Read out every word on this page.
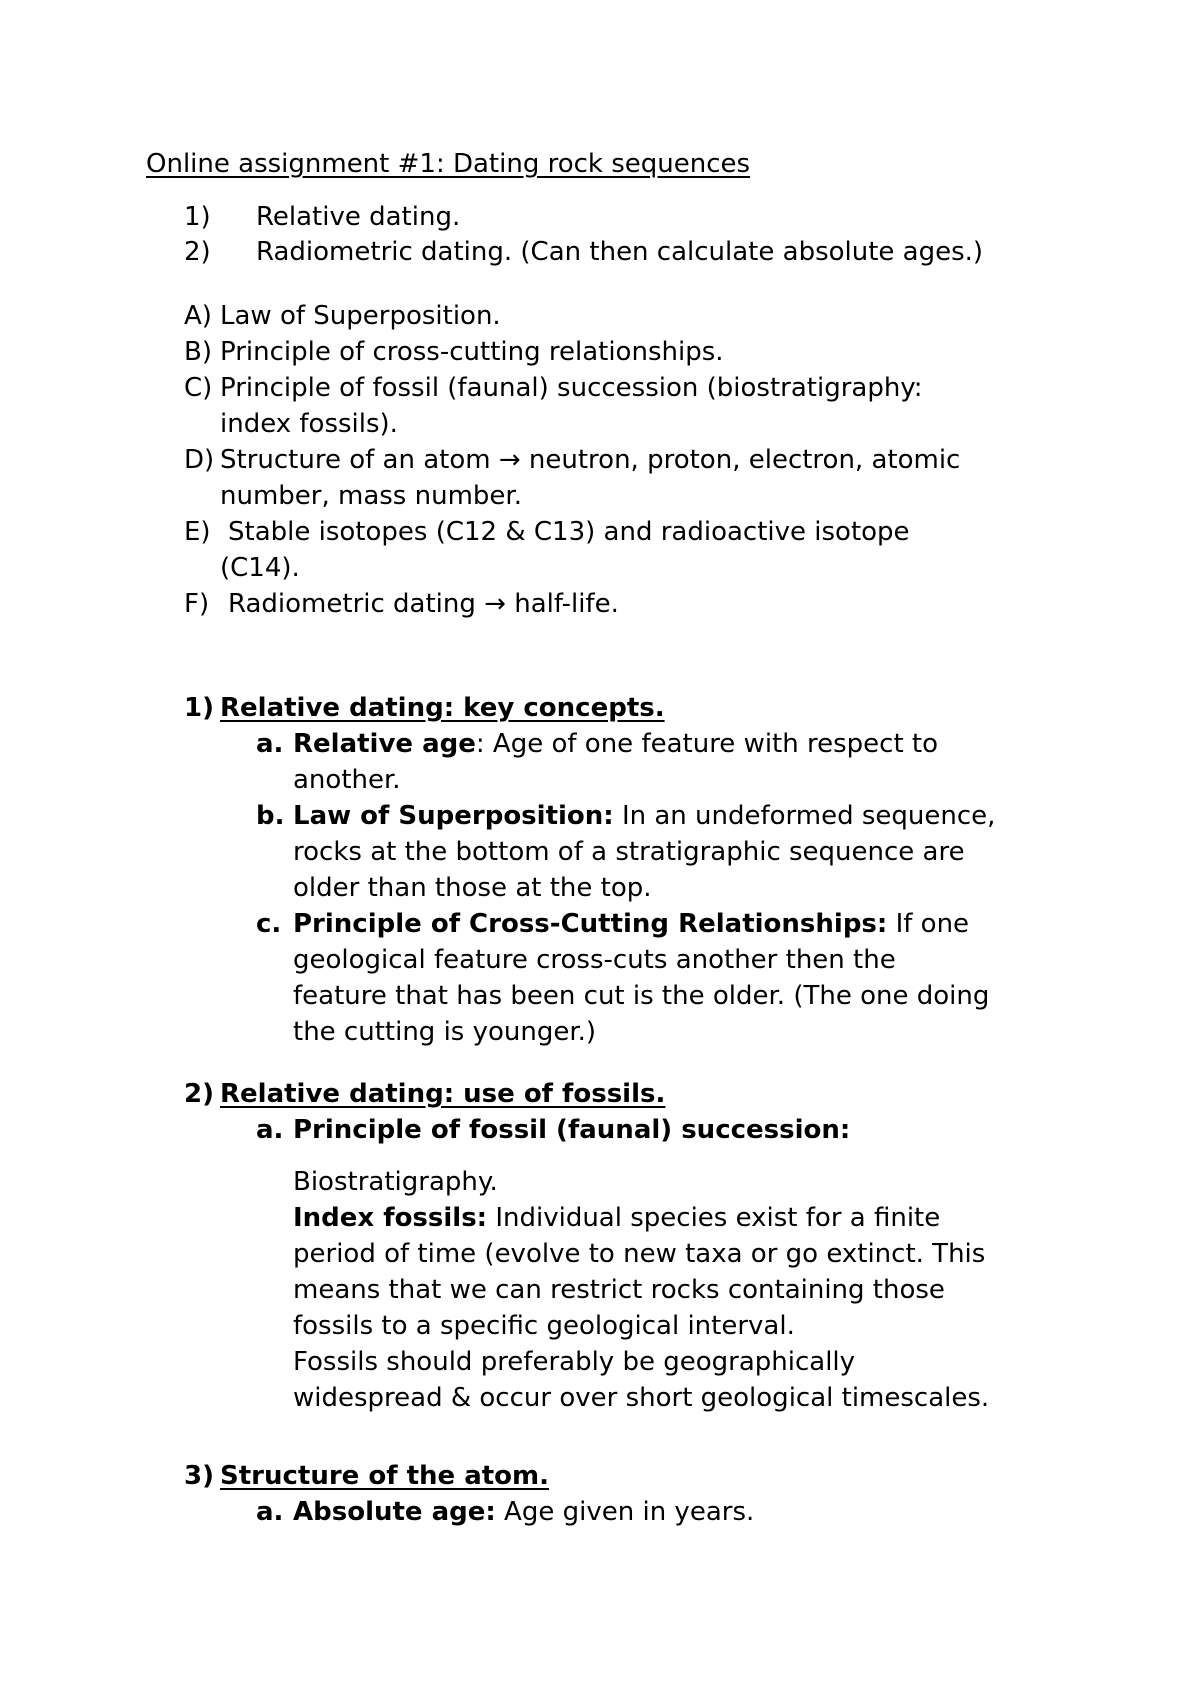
Online assignment #1: Dating rock sequences
1) Relative dating.
2) Radiometric dating. (Can then calculate absolute ages.)
A) Law of Superposition.
B) Principle of cross-cutting relationships.
C) Principle of fossil (faunal) succession (biostratigraphy:
index fossils).
D) Structure of an atom → neutron, proton, electron, atomic
number, mass number.
E) Stable isotopes (C12 & C13) and radioactive isotope
(C14).
F) Radiometric dating → half-life.
1) Relative dating: key concepts.
a. Relative age: Age of one feature with respect to
another.
b. Law of Superposition: In an undeformed sequence,
rocks at the bottom of a stratigraphic sequence are
older than those at the top.
c. Principle of Cross-Cutting Relationships: If one
geological feature cross-cuts another then the
feature that has been cut is the older. (The one doing
the cutting is younger.)
2) Relative dating: use of fossils.
a. Principle of fossil (faunal) succession:
Biostratigraphy.
Index fossils: Individual species exist for a finite
period of time (evolve to new taxa or go extinct. This
means that we can restrict rocks containing those
fossils to a specific geological interval.
Fossils should preferably be geographically
widespread & occur over short geological timescales.
3) Structure of the atom.
a. Absolute age: Age given in years.
